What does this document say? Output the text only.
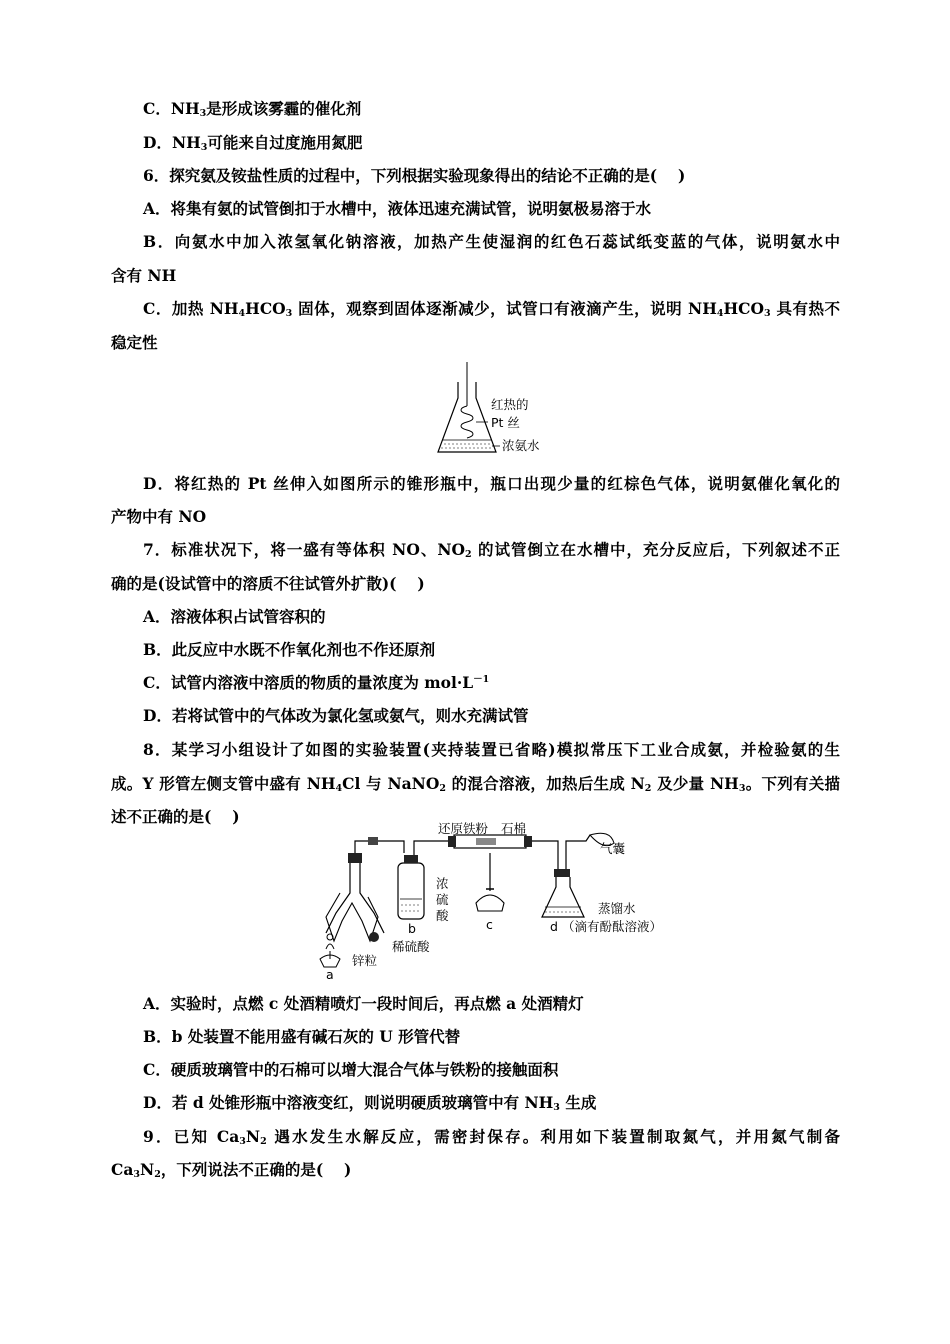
C．$NH_3$是形成该雾霾的催化剂
D．$NH_3$可能来自过度施用氮肥
6．探究氨及铵盐性质的过程中，下列根据实验现象得出的结论不正确的是(　 )
A．将集有氨的试管倒扣于水槽中，液体迅速充满试管，说明氨极易溶于水
B．向氨水中加入浓氢氧化钠溶液，加热产生使湿润的红色石蕊试纸变蓝的气体，说明氨水中
含有 NH
C．加热 $NH_4HCO_3$ 固体，观察到固体逐渐减少，试管口有液滴产生，说明 $NH_4HCO_3$ 具有热不
稳定性
红热的
Pt 丝
浓氨水
D．将红热的 Pt 丝伸入如图所示的锥形瓶中，瓶口出现少量的红棕色气体，说明氨催化氧化的
产物中有 NO
7．标准状况下，将一盛有等体积 NO、$NO_2$ 的试管倒立在水槽中，充分反应后，下列叙述不正
确的是(设试管中的溶质不往试管外扩散)(　 )
A．溶液体积占试管容积的
B．此反应中水既不作氧化剂也不作还原剂
C．试管内溶液中溶质的物质的量浓度为 $mol\cdot L^{-1}$
D．若将试管中的气体改为氯化氢或氨气，则水充满试管
8．某学习小组设计了如图的实验装置(夹持装置已省略)模拟常压下工业合成氨，并检验氨的生
成。Y 形管左侧支管中盛有 $NH_4Cl$ 与 NaNO$_2$ 的混合溶液，加热后生成 $N_2$ 及少量 $NH_3$。下列有关描
述不正确的是(　 )
还原铁粉 石棉
气囊
浓
硫
酸	蒸馏水
（滴有酚酞溶液）
锌粒
稀硫酸
a
b	c	d
A．实验时，点燃 c 处酒精喷灯一段时间后，再点燃 a 处酒精灯
B．b 处装置不能用盛有碱石灰的 U 形管代替
C．硬质玻璃管中的石棉可以增大混合气体与铁粉的接触面积
D．若 d 处锥形瓶中溶液变红，则说明硬质玻璃管中有 $NH_3$ 生成
9．已知 $Ca_3N_2$ 遇水发生水解反应，需密封保存。利用如下装置制取氮气，并用氮气制备
$Ca_3N_2$，下列说法不正确的是(　 )
